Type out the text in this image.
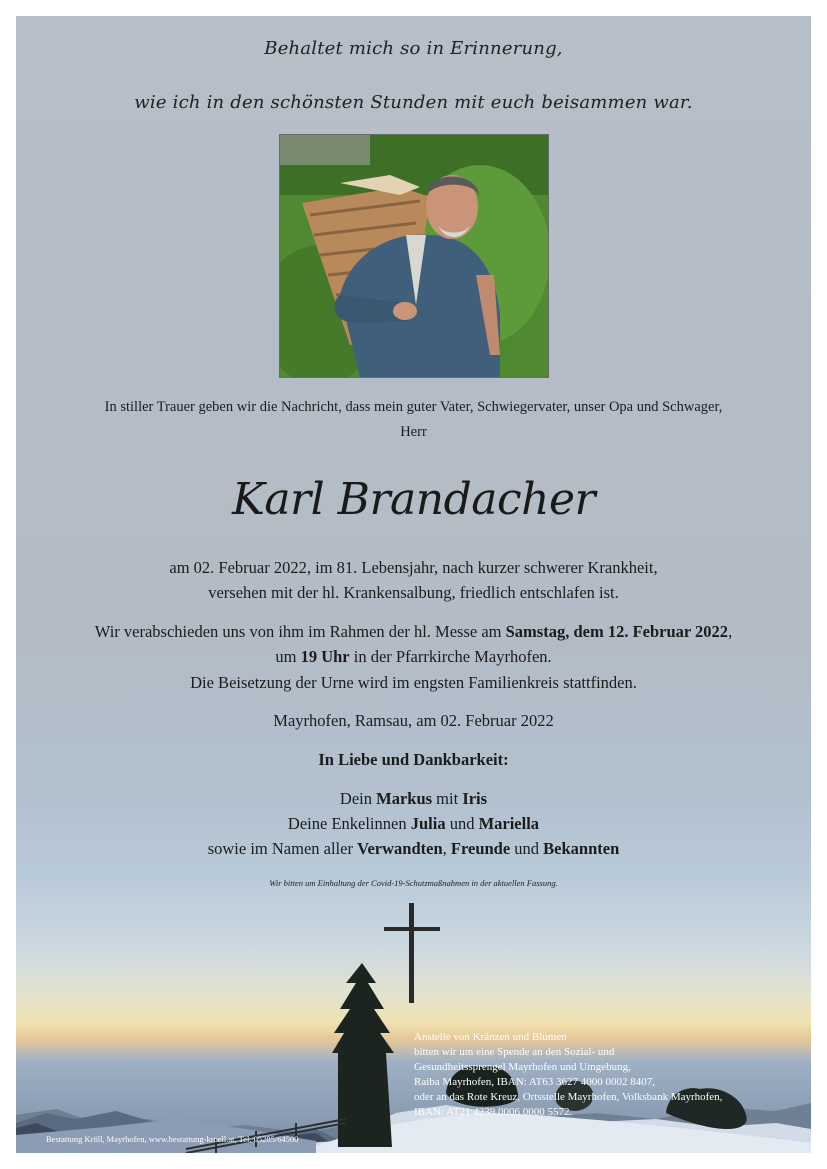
Behaltet mich so in Erinnerung,
wie ich in den schönsten Stunden mit euch beisammen war.
In stiller Trauer geben wir die Nachricht, dass mein guter Vater, Schwiegervater, unser Opa und Schwager,
Herr
Karl Brandacher
am 02. Februar 2022, im 81. Lebensjahr, nach kurzer schwerer Krankheit,
versehen mit der hl. Krankensalbung, friedlich entschlafen ist.
Wir verabschieden uns von ihm im Rahmen der hl. Messe am Samstag, dem 12. Februar 2022,
um 19 Uhr in der Pfarrkirche Mayrhofen.
Die Beisetzung der Urne wird im engsten Familienkreis stattfinden.
Mayrhofen, Ramsau, am 02. Februar 2022
In Liebe und Dankbarkeit:
Dein Markus mit Iris
Deine Enkelinnen Julia und Mariella
sowie im Namen aller Verwandten, Freunde und Bekannten
Wir bitten um Einhaltung der Covid-19-Schutzmaßnahmen in der aktuellen Fassung.
Anstelle von Kränzen und Blumen
bitten wir um eine Spende an den Sozial- und
Gesundheitssprengel Mayrhofen und Umgebung,
Raiba Mayrhofen, IBAN: AT63 3627 4000 0002 8407,
oder an das Rote Kreuz, Ortsstelle Mayrhofen, Volksbank Mayrhofen,
IBAN: AT21 4239 0006 0000 5572.
Bestattung Kröll, Mayrhofen, www.bestattung-kroell.at, Tel. 05285/64500
